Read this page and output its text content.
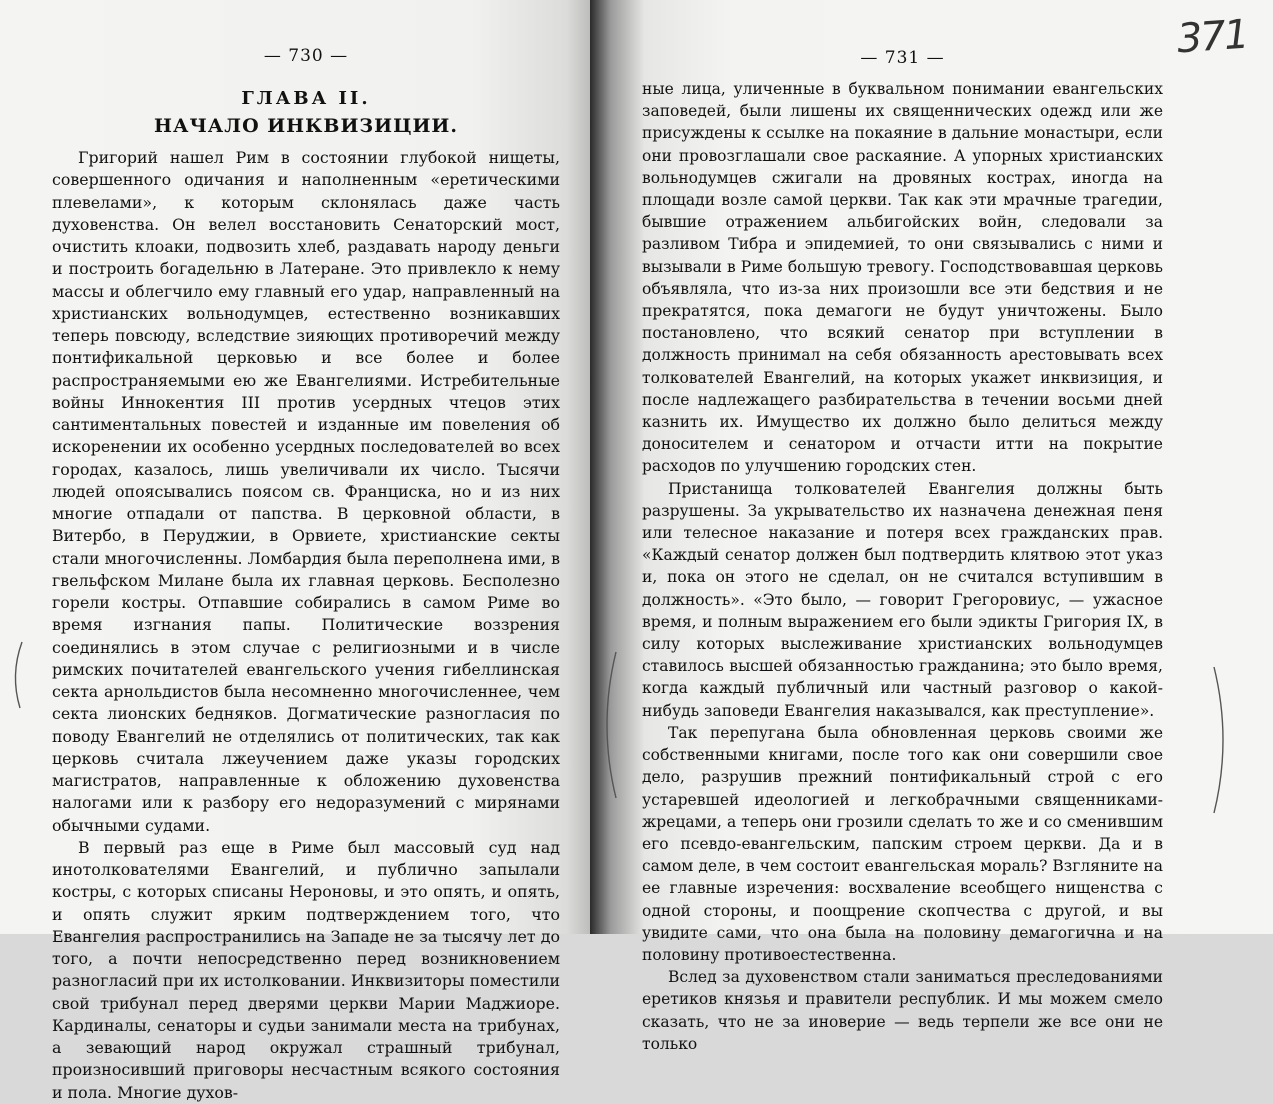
— 730 —
ГЛАВА II.
НАЧАЛО ИНКВИЗИЦИИ.

Григорий нашел Рим в состоянии глубокой нищеты, совершенного одичания и наполненным «еретическими плевелами», к которым склонялась даже часть духовенства. Он велел восстановить Сенаторский мост, очистить клоаки, подвозить хлеб, раздавать народу деньги и построить богадельню в Латеране. Это привлекло к нему массы и облегчило ему главный его удар, направленный на христианских вольнодумцев, естественно возникавших теперь повсюду, вследствие зияющих противоречий между понтификальной церковью и все более и более распространяемыми ею же Евангелиями. Истребительные войны Иннокентия III против усердных чтецов этих сантиментальных повестей и изданные им повеления об искоренении их особенно усердных последователей во всех городах, казалось, лишь увеличивали их число. Тысячи людей опоясывались поясом св. Франциска, но и из них многие отпадали от папства. В церковной области, в Витербо, в Перуджии, в Орвиете, христианские секты стали многочисленны. Ломбардия была переполнена ими, в гвельфском Милане была их главная церковь. Бесполезно горели костры. Отпавшие собирались в самом Риме во время изгнания папы. Политические воззрения соединялись в этом случае с религиозными и в числе римских почитателей евангельского учения гибеллинская секта арнольдистов была несомненно многочисленнее, чем секта лионских бедняков. Догматические разногласия по поводу Евангелий не отделялись от политических, так как церковь считала лжеучением даже указы городских магистратов, направленные к обложению духовенства налогами или к разбору его недоразумений с мирянами обычными судами.

В первый раз еще в Риме был массовый суд над инотолкователями Евангелий, и публично запылали костры, с которых списаны Нероновы, и это опять, и опять, и опять служит ярким подтверждением того, что Евангелия распространились на Западе не за тысячу лет до того, а почти непосредственно перед возникновением разногласий при их истолковании. Инквизиторы поместили свой трибунал перед дверями церкви Марии Маджиоре. Кардиналы, сенаторы и судьи занимали места на трибунах, а зевающий народ окружал страшный трибунал, произносивший приговоры несчастным всякого состояния и пола. Многие духов-

— 731 —

ные лица, уличенные в буквальном понимании евангельских заповедей, были лишены их священнических одежд или же присуждены к ссылке на покаяние в дальние монастыри, если они провозглашали свое раскаяние. А упорных христианских вольнодумцев сжигали на дровяных кострах, иногда на площади возле самой церкви. Так как эти мрачные трагедии, бывшие отражением альбигойских войн, следовали за разливом Тибра и эпидемией, то они связывались с ними и вызывали в Риме большую тревогу. Господствовавшая церковь объявляла, что из-за них произошли все эти бедствия и не прекратятся, пока демагоги не будут уничтожены. Было постановлено, что всякий сенатор при вступлении в должность принимал на себя обязанность арестовывать всех толкователей Евангелий, на которых укажет инквизиция, и после надлежащего разбирательства в течении восьми дней казнить их. Имущество их должно было делиться между доносителем и сенатором и отчасти итти на покрытие расходов по улучшению городских стен.

Пристанища толкователей Евангелия должны быть разрушены. За укрывательство их назначена денежная пеня или телесное наказание и потеря всех гражданских прав. «Каждый сенатор должен был подтвердить клятвою этот указ и, пока он этого не сделал, он не считался вступившим в должность». «Это было, — говорит Грегоровиус, — ужасное время, и полным выражением его были эдикты Григория IX, в силу которых выслеживание христианских вольнодумцев ставилось высшей обязанностью гражданина; это было время, когда каждый публичный или частный разговор о какой-нибудь заповеди Евангелия наказывался, как преступление».

Так перепугана была обновленная церковь своими же собственными книгами, после того как они совершили свое дело, разрушив прежний понтификальный строй с его устаревшей идеологией и легкобрачными священниками-жрецами, а теперь они грозили сделать то же и со сменившим его псевдо-евангельским, папским строем церкви. Да и в самом деле, в чем состоит евангельская мораль? Взгляните на ее главные изречения: восхваление всеобщего нищенства с одной стороны, и поощрение скопчества с другой, и вы увидите сами, что она была на половину демагогична и на половину противоестественна.

Вслед за духовенством стали заниматься преследованиями еретиков князья и правители республик. И мы можем смело сказать, что не за иноверие — ведь терпели же все они не только

371
